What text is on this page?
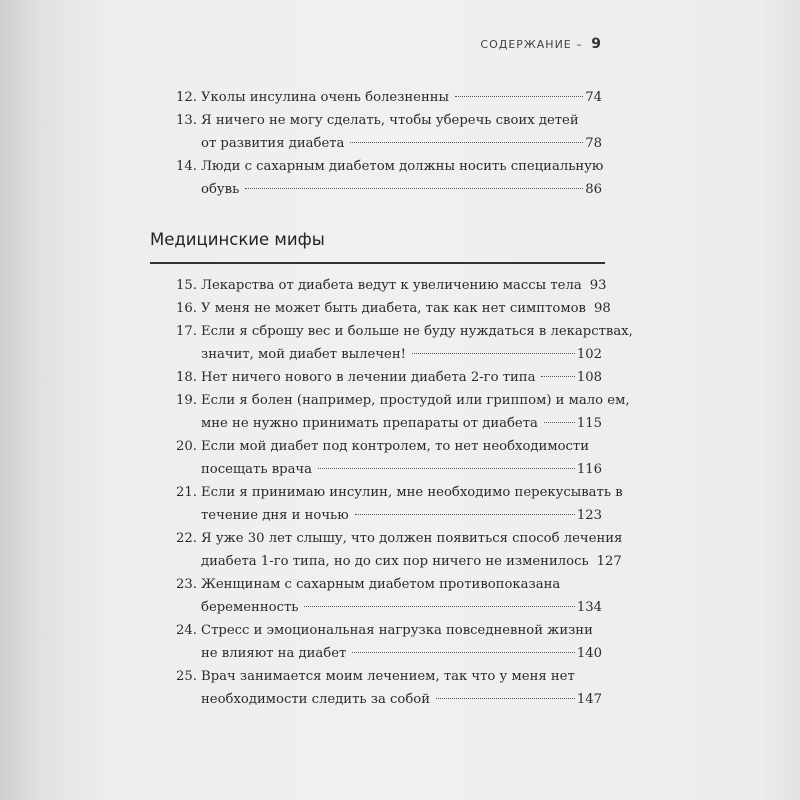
СОДЕРЖАНИЕ – 9
12. Уколы инсулина очень болезненны	74
13. Я ничего не могу сделать, чтобы уберечь своих детей
от развития диабета	78
14. Люди с сахарным диабетом должны носить специальную
обувь	86
Медицинские мифы
15. Лекарства от диабета ведут к увеличению массы тела 93
16. У меня не может быть диабета, так как нет симптомов 98
17. Если я сброшу вес и больше не буду нуждаться в лекарствах,
значит, мой диабет вылечен!	102
18. Нет ничего нового в лечении диабета 2-го типа	108
19. Если я болен (например, простудой или гриппом) и мало ем,
мне не нужно принимать препараты от диабета	115
20. Если мой диабет под контролем, то нет необходимости
посещать врача	116
21. Если я принимаю инсулин, мне необходимо перекусывать в
течение дня и ночью	123
22. Я уже 30 лет слышу, что должен появиться способ лечения
диабета 1-го типа, но до сих пор ничего не изменилось 127
23. Женщинам с сахарным диабетом противопоказана
беременность	134
24. Стресс и эмоциональная нагрузка повседневной жизни
не влияют на диабет	140
25. Врач занимается моим лечением, так что у меня нет
необходимости следить за собой	147
